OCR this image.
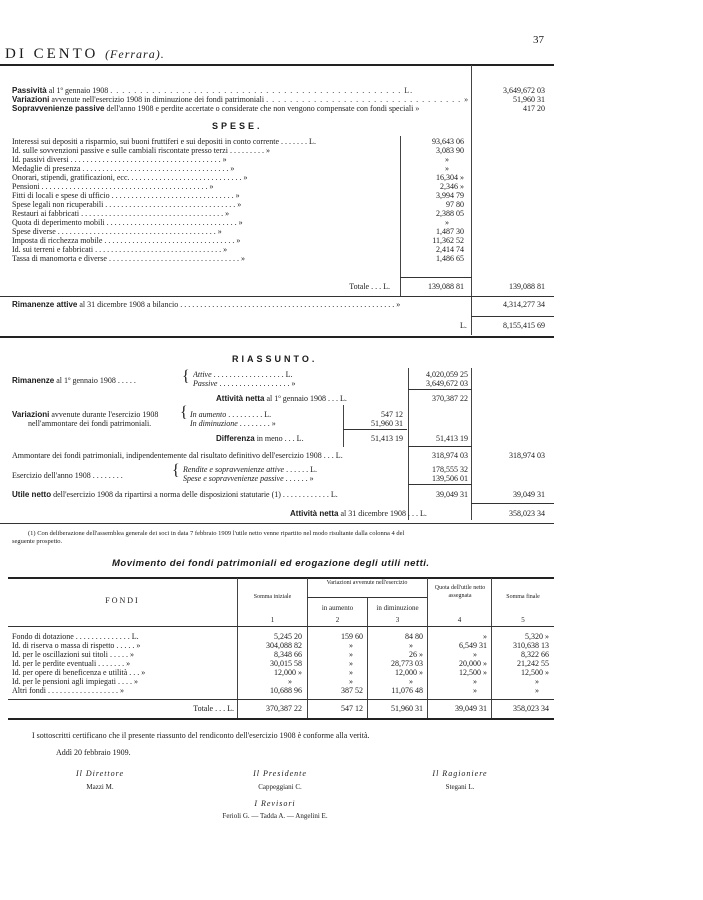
DI CENTO (Ferrara).
37
Passività al 1º gennaio 1908 . . . . . . . . . . . . . . . . . . . . . . . . . . . . . . . . . . . . . . . . . . . . . . . . . L.	3,649,672 03
Variazioni avvenute nell'esercizio 1908 in diminuzione dei fondi patrimoniali . . . . . . . . . . . . . . . . . . . . . . . . . . . . . . . . . »	51,960 31
Sopravvenienze passive dell'anno 1908 e perdite accertate o considerate che non vengono compensate con fondi speciali »	417 20
SPESE.
Interessi sui depositi a risparmio, sui buoni fruttiferi e sui depositi in conto corrente . . . . . . . L.	93,643 06
Id. sulle sovvenzioni passive e sulle cambiali riscontate presso terzi . . . . . . . . . »	3,083 90
Id. passivi diversi . . . . . . . . . . . . . . . . . . . . . . . . . . . . . . . . . . . . . . »	»
Medaglie di presenza . . . . . . . . . . . . . . . . . . . . . . . . . . . . . . . . . . . . . »	»
Onorari, stipendi, gratificazioni, ecc. . . . . . . . . . . . . . . . . . . . . . . . . . . . . »	16,304 »
Pensioni . . . . . . . . . . . . . . . . . . . . . . . . . . . . . . . . . . . . . . . . . . »	2,346 »
Fitti di locali e spese di ufficio . . . . . . . . . . . . . . . . . . . . . . . . . . . . . . . »	3,994 79
Spese legali non ricuperabili . . . . . . . . . . . . . . . . . . . . . . . . . . . . . . . . . »	97 80
Restauri ai fabbricati . . . . . . . . . . . . . . . . . . . . . . . . . . . . . . . . . . . . »	2,388 05
Quota di deperimento mobili . . . . . . . . . . . . . . . . . . . . . . . . . . . . . . . . . »	»
Spese diverse . . . . . . . . . . . . . . . . . . . . . . . . . . . . . . . . . . . . . . . . »	1,487 30
Imposta di ricchezza mobile . . . . . . . . . . . . . . . . . . . . . . . . . . . . . . . . . »	11,362 52
Id. sui terreni e fabbricati . . . . . . . . . . . . . . . . . . . . . . . . . . . . . . . . »	2,414 74
Tassa di manomorta e diverse . . . . . . . . . . . . . . . . . . . . . . . . . . . . . . . . . »	1,486 65
Totale . . . L.	139,088 81	139,088 81
Rimanenze attive al 31 dicembre 1908 a bilancio . . . . . . . . . . . . . . . . . . . . . . . . . . . . . . . . . . . . . . . . . . . . . . . . . . . . . . »	4,314,277 34
L.	8,155,415 69
RIASSUNTO.
Rimanenze al 1º gennaio 1908 . . . . .	{ Attive . . . . . . . . . . . . . . . . . . L.	4,020,059 25
Passive . . . . . . . . . . . . . . . . . . »	3,649,672 03
Attività netta al 1º gennaio 1908 . . . L.	370,387 22
Variazioni avvenute durante l'esercizio 1908
nell'ammontare dei fondi patrimoniali.
{ In aumento . . . . . . . . . L.	547 12
In diminuzione . . . . . . . . »	51,960 31
Differenza in meno . . . L.	51,413 19	51,413 19
Ammontare dei fondi patrimoniali, indipendentemente dal risultato definitivo dell'esercizio 1908 . . . L.	318,974 03	318,974 03
Esercizio dell'anno 1908 . . . . . . . .	{ Rendite e sopravvenienze attive . . . . . . L.	178,555 32
Spese e sopravvenienze passive . . . . . . »	139,506 01
Utile netto dell'esercizio 1908 da ripartirsi a norma delle disposizioni statutarie (1) . . . . . . . . . . . . L.	39,049 31	39,049 31
Attività netta al 31 dicembre 1908 . . . L.	358,023 34
(1) Con deliberazione dell'assemblea generale dei soci in data 7 febbraio 1909 l'utile netto venne ripartito nel modo risultante dalla colonna 4 del
seguente prospetto.
Movimento dei fondi patrimoniali ed erogazione degli utili netti.
FONDI	Somma iniziale
Variazioni avvenute nell'esercizio
in aumento	in diminuzione
Quota dell'utile netto assegnata	Somma finale
1	2	3	4	5
Fondo di dotazione . . . . . . . . . . . . . . L.	5,245 20	159 60	84 80	»	5,320 »
Id. di riserva o massa di rispetto . . . . . »	304,088 82	»	»	6,549 31	310,638 13
Id. per le oscillazioni sui titoli . . . . . »	8,348 66	»	26 »	»	8,322 66
Id. per le perdite eventuali . . . . . . . »	30,015 58	»	28,773 03	20,000 »	21,242 55
Id. per opere di beneficenza e utilità . . . »	12,000 »	»	12,000 »	12,500 »	12,500 »
Id. per le pensioni agli impiegati . . . . »	»	»	»	»	»
Altri fondi . . . . . . . . . . . . . . . . . . »	10,688 96	387 52	11,076 48	»	»
Totale . . . L.	370,387 22	547 12	51,960 31	39,049 31	358,023 34
I sottoscritti certificano che il presente riassunto del rendiconto dell'esercizio 1908 è conforme alla verità.
Addì 20 febbraio 1909.
Il Direttore
Mazzi M.
Il Presidente
Cappeggiani C.
Il Ragioniere
Stegani L.
I Revisori
Ferioli G. — Tadda A. — Angelini E.
